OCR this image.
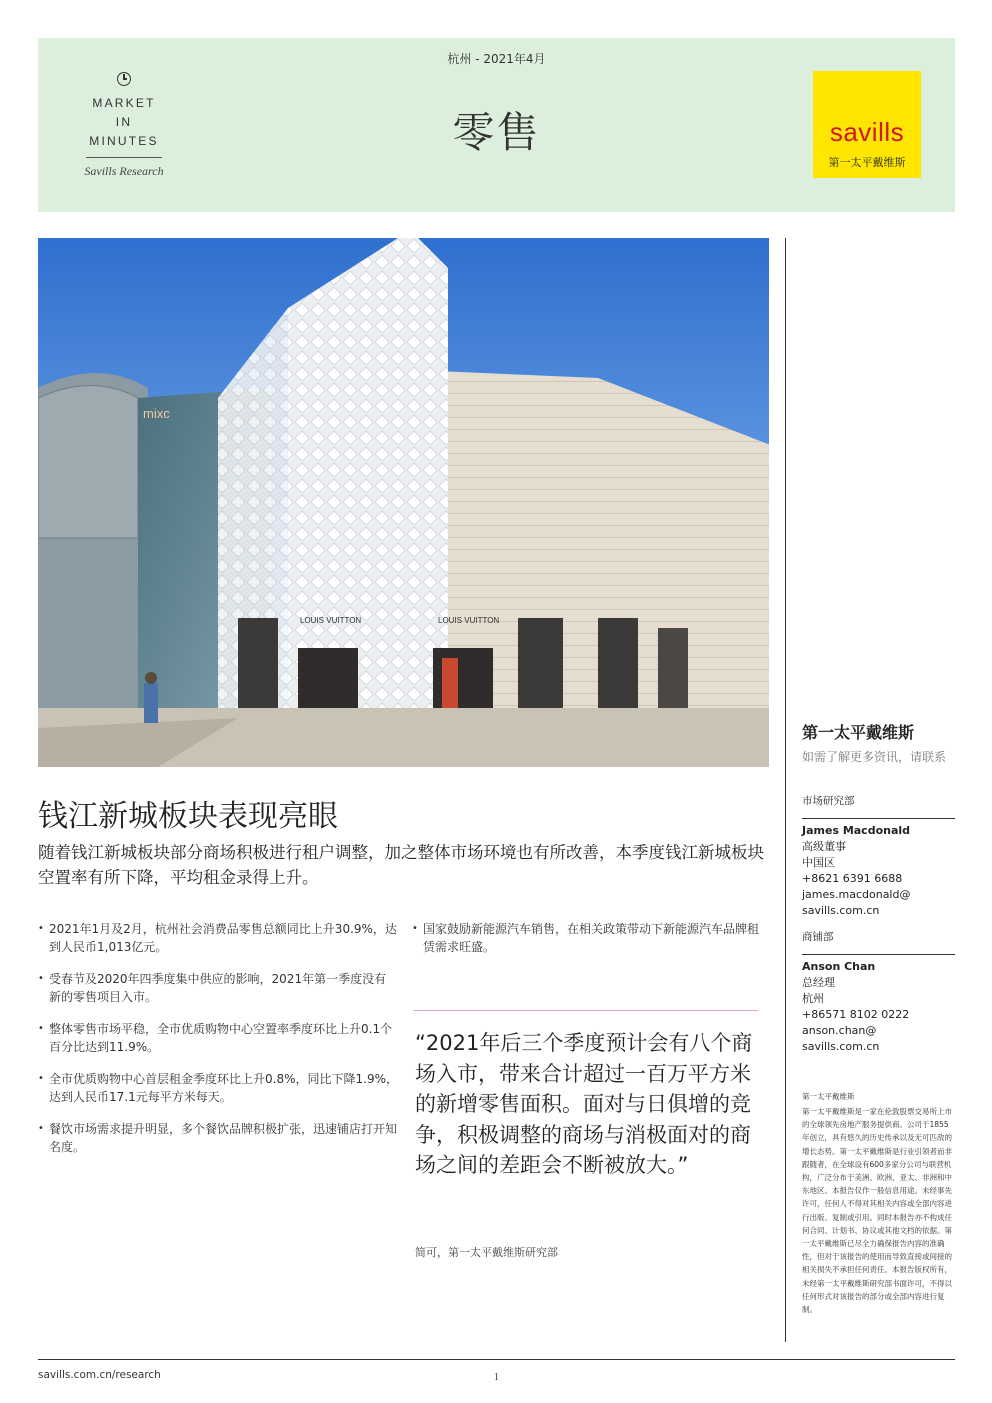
MARKET
IN
MINUTES
Savills Research
杭州 - 2021年4月
零售	savills
第一太平戴维斯
LOUIS VUITTON	LOUIS VUITTON
mixc
第一太平戴维斯
如需了解更多资讯，请联系
市场研究部
James Macdonald
高级董事
中国区
+8621 6391 6688
james.macdonald@
savills.com.cn
商铺部
Anson Chan
总经理
杭州
+86571 8102 0222
anson.chan@
savills.com.cn
第一太平戴维斯
第一太平戴维斯是一家在伦敦股票交易所上市的全球领先房地产服务提供商。公司于1855年创立，具有悠久的历史传承以及无可匹敌的增长态势。第一太平戴维斯是行业引领者而非跟随者，在全球设有600多家分公司与联营机构，广泛分布于美洲、欧洲、亚太、非洲和中东地区。本报告仅作一般信息用途。未经事先许可，任何人不得对其相关内容或全部内容进行出版、复制或引用。同时本报告亦不构成任何合同、计划书、协议或其他文档的依据。第一太平戴维斯已尽全力确保报告内容的准确性，但对于该报告的使用而导致直接或间接的相关损失不承担任何责任。本报告版权所有，未经第一太平戴维斯研究部书面许可，不得以任何形式对该报告的部分或全部内容进行复制。
钱江新城板块表现亮眼
随着钱江新城板块部分商场积极进行租户调整，加之整体市场环境也有所改善，本季度钱江新城板块空置率有所下降，平均租金录得上升。
• 2021年1月及2月，杭州社会消费品零售总额同比上升30.9%，达到人民币1,013亿元。
• 受春节及2020年四季度集中供应的影响，2021年第一季度没有新的零售项目入市。
• 整体零售市场平稳，全市优质购物中心空置率季度环比上升0.1个百分比达到11.9%。
• 全市优质购物中心首层租金季度环比上升0.8%，同比下降1.9%，达到人民币17.1元每平方米每天。
• 餐饮市场需求提升明显，多个餐饮品牌积极扩张，迅速铺店打开知名度。
• 国家鼓励新能源汽车销售，在相关政策带动下新能源汽车品牌租赁需求旺盛。
“2021年后三个季度预计会有八个商场入市，带来合计超过一百万平方米的新增零售面积。面对与日俱增的竞争，积极调整的商场与消极面对的商场之间的差距会不断被放大。”
简可，第一太平戴维斯研究部
savills.com.cn/research	1
